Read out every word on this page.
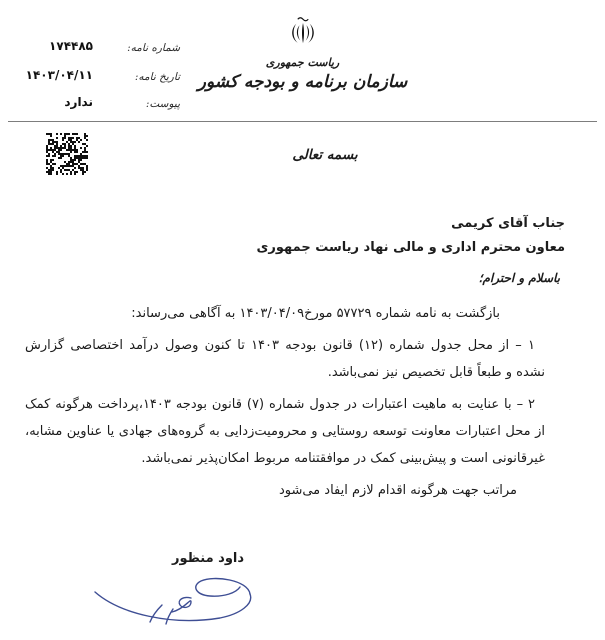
شماره نامه:
۱۷۴۴۸۵
تاریخ نامه:
۱۴۰۳/۰۴/۱۱
پیوست:
ندارد
ریاست جمهوری
سازمان برنامه و بودجه کشور
بسمه تعالی
جناب آقای کریمی
معاون محترم اداری و مالی نهاد ریاست جمهوری
باسلام و احترام؛

بازگشت به نامه شماره ۵۷۷۲۹ مورخ۱۴۰۳/۰۴/۰۹ به آگاهی می‌رساند:

۱ – از محل جدول شماره (۱۲) قانون بودجه ۱۴۰۳ تا کنون وصول درآمد اختصاصی گزارش نشده و طبعاً قابل تخصیص نیز نمی‌باشد.

۲ – با عنایت به ماهیت اعتبارات در جدول شماره (۷) قانون بودجه ۱۴۰۳،پرداخت هرگونه کمک از محل اعتبارات معاونت توسعه روستایی و محرومیت‌زدایی به گروه‌های جهادی یا عناوین مشابه، غیرقانونی است و پیش‌بینی کمک در موافقتنامه مربوط امکان‌پذیر نمی‌باشد.

مراتب جهت هرگونه اقدام لازم ایفاد می‌شود

داود منظور
